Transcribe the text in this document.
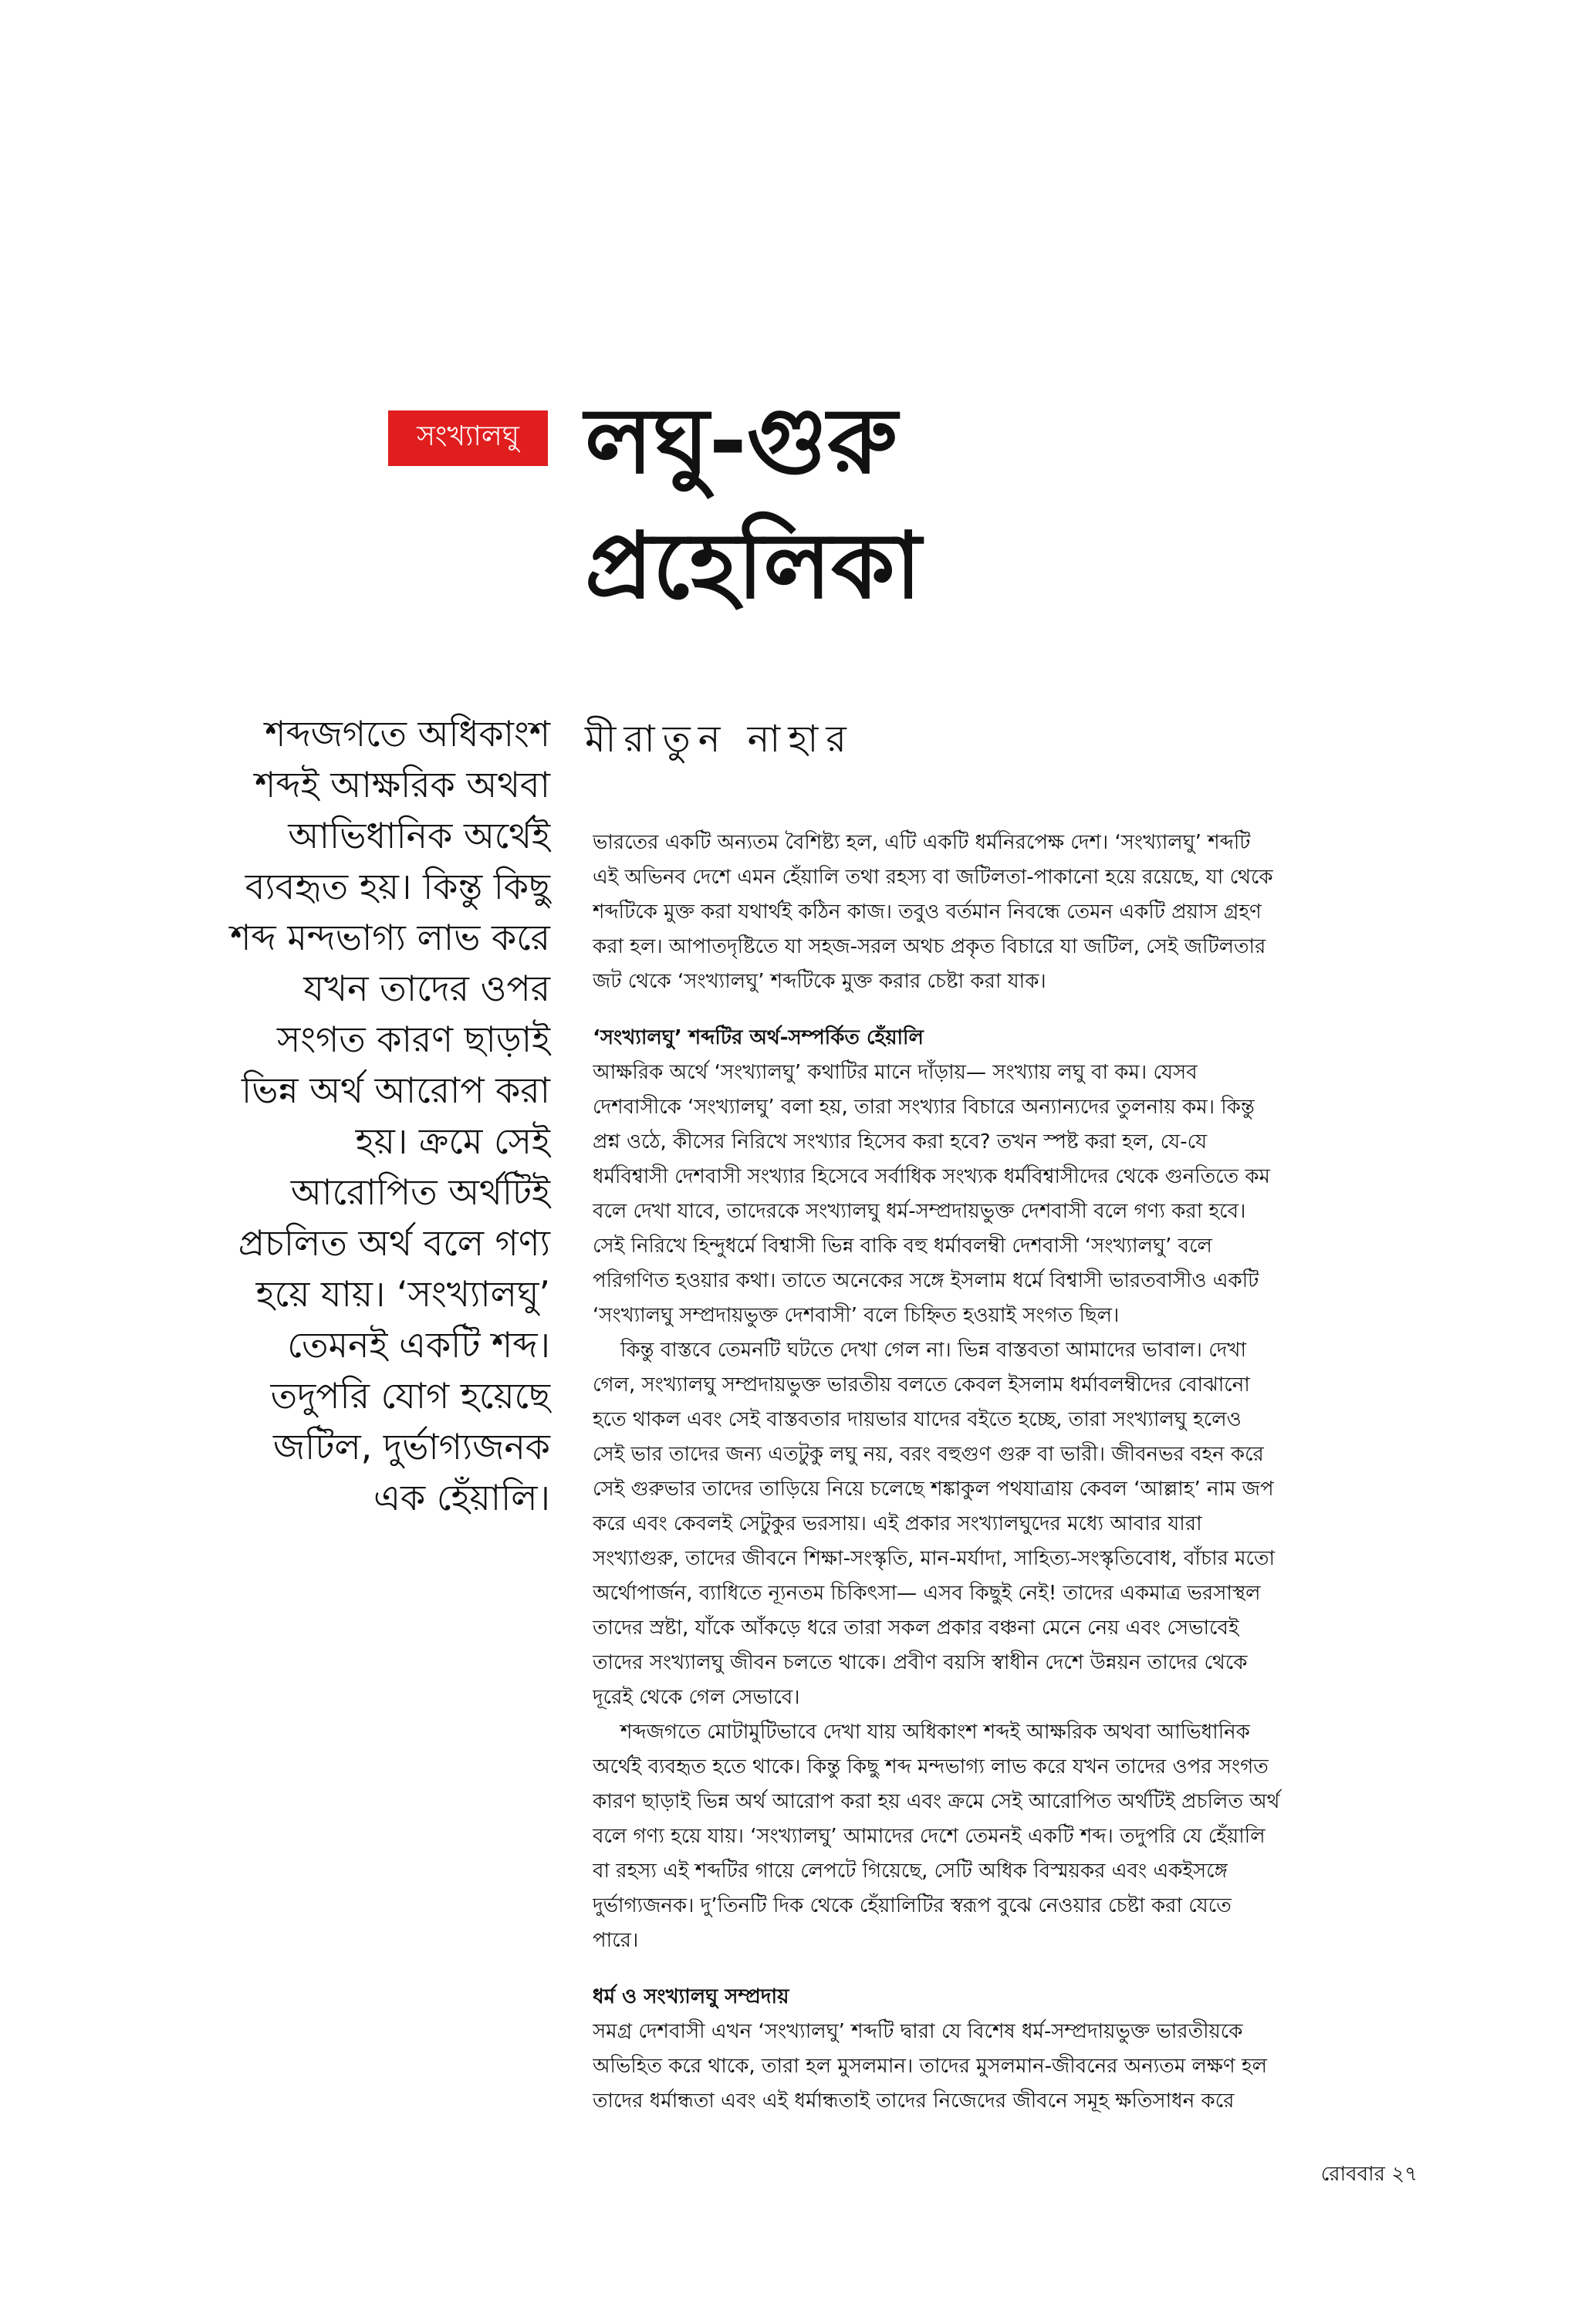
সংখ্যালঘু লঘু-গুরু
প্রহেলিকা
মীরাতুন নাহার
শব্দজগতে অধিকাংশ
শব্দই আক্ষরিক অথবা
আভিধানিক অর্থেই
ব্যবহৃত হয়। কিন্তু কিছু
শব্দ মন্দভাগ্য লাভ করে
যখন তাদের ওপর
সংগত কারণ ছাড়াই
ভিন্ন অর্থ আরোপ করা
হয়। ক্রমে সেই
আরোপিত অর্থটিই
প্রচলিত অর্থ বলে গণ্য
হয়ে যায়। ‘সংখ্যালঘু’
তেমনই একটি শব্দ।
তদুপরি যোগ হয়েছে
জটিল, দুর্ভাগ্যজনক
এক হেঁয়ালি।
ভারতের একটি অন্যতম বৈশিষ্ট্য হল, এটি একটি ধর্মনিরপেক্ষ দেশ। ‘সংখ্যালঘু’ শব্দটি
এই অভিনব দেশে এমন হেঁয়ালি তথা রহস্য বা জটিলতা-পাকানো হয়ে রয়েছে, যা থেকে
শব্দটিকে মুক্ত করা যথার্থই কঠিন কাজ। তবুও বর্তমান নিবন্ধে তেমন একটি প্রয়াস গ্রহণ
করা হল। আপাতদৃষ্টিতে যা সহজ-সরল অথচ প্রকৃত বিচারে যা জটিল, সেই জটিলতার
জট থেকে ‘সংখ্যালঘু’ শব্দটিকে মুক্ত করার চেষ্টা করা যাক।
‘সংখ্যালঘু’ শব্দটির অর্থ-সম্পর্কিত হেঁয়ালি
আক্ষরিক অর্থে ‘সংখ্যালঘু’ কথাটির মানে দাঁড়ায়— সংখ্যায় লঘু বা কম। যেসব
দেশবাসীকে ‘সংখ্যালঘু’ বলা হয়, তারা সংখ্যার বিচারে অন্যান্যদের তুলনায় কম। কিন্তু
প্রশ্ন ওঠে, কীসের নিরিখে সংখ্যার হিসেব করা হবে? তখন স্পষ্ট করা হল, যে-যে
ধর্মবিশ্বাসী দেশবাসী সংখ্যার হিসেবে সর্বাধিক সংখ্যক ধর্মবিশ্বাসীদের থেকে গুনতিতে কম
বলে দেখা যাবে, তাদেরকে সংখ্যালঘু ধর্ম-সম্প্রদায়ভুক্ত দেশবাসী বলে গণ্য করা হবে।
সেই নিরিখে হিন্দুধর্মে বিশ্বাসী ভিন্ন বাকি বহু ধর্মাবলম্বী দেশবাসী ‘সংখ্যালঘু’ বলে
পরিগণিত হওয়ার কথা। তাতে অনেকের সঙ্গে ইসলাম ধর্মে বিশ্বাসী ভারতবাসীও একটি
‘সংখ্যালঘু সম্প্রদায়ভুক্ত দেশবাসী’ বলে চিহ্নিত হওয়াই সংগত ছিল।
কিন্তু বাস্তবে তেমনটি ঘটতে দেখা গেল না। ভিন্ন বাস্তবতা আমাদের ভাবাল। দেখা
গেল, সংখ্যালঘু সম্প্রদায়ভুক্ত ভারতীয় বলতে কেবল ইসলাম ধর্মাবলম্বীদের বোঝানো
হতে থাকল এবং সেই বাস্তবতার দায়ভার যাদের বইতে হচ্ছে, তারা সংখ্যালঘু হলেও
সেই ভার তাদের জন্য এতটুকু লঘু নয়, বরং বহুগুণ গুরু বা ভারী। জীবনভর বহন করে
সেই গুরুভার তাদের তাড়িয়ে নিয়ে চলেছে শঙ্কাকুল পথযাত্রায় কেবল ‘আল্লাহ’ নাম জপ
করে এবং কেবলই সেটুকুর ভরসায়। এই প্রকার সংখ্যালঘুদের মধ্যে আবার যারা
সংখ্যাগুরু, তাদের জীবনে শিক্ষা-সংস্কৃতি, মান-মর্যাদা, সাহিত্য-সংস্কৃতিবোধ, বাঁচার মতো
অর্থোপার্জন, ব্যাধিতে ন্যূনতম চিকিৎসা— এসব কিছুই নেই! তাদের একমাত্র ভরসাস্থল
তাদের স্রষ্টা, যাঁকে আঁকড়ে ধরে তারা সকল প্রকার বঞ্চনা মেনে নেয় এবং সেভাবেই
তাদের সংখ্যালঘু জীবন চলতে থাকে। প্রবীণ বয়সি স্বাধীন দেশে উন্নয়ন তাদের থেকে
দূরেই থেকে গেল সেভাবে।
শব্দজগতে মোটামুটিভাবে দেখা যায় অধিকাংশ শব্দই আক্ষরিক অথবা আভিধানিক
অর্থেই ব্যবহৃত হতে থাকে। কিন্তু কিছু শব্দ মন্দভাগ্য লাভ করে যখন তাদের ওপর সংগত
কারণ ছাড়াই ভিন্ন অর্থ আরোপ করা হয় এবং ক্রমে সেই আরোপিত অর্থটিই প্রচলিত অর্থ
বলে গণ্য হয়ে যায়। ‘সংখ্যালঘু’ আমাদের দেশে তেমনই একটি শব্দ। তদুপরি যে হেঁয়ালি
বা রহস্য এই শব্দটির গায়ে লেপটে গিয়েছে, সেটি অধিক বিস্ময়কর এবং একইসঙ্গে
দুর্ভাগ্যজনক। দু’তিনটি দিক থেকে হেঁয়ালিটির স্বরূপ বুঝে নেওয়ার চেষ্টা করা যেতে
পারে।
ধর্ম ও সংখ্যালঘু সম্প্রদায়
সমগ্র দেশবাসী এখন ‘সংখ্যালঘু’ শব্দটি দ্বারা যে বিশেষ ধর্ম-সম্প্রদায়ভুক্ত ভারতীয়কে
অভিহিত করে থাকে, তারা হল মুসলমান। তাদের মুসলমান-জীবনের অন্যতম লক্ষণ হল
তাদের ধর্মান্ধতা এবং এই ধর্মান্ধতাই তাদের নিজেদের জীবনে সমূহ ক্ষতিসাধন করে
রোববার ২৭
